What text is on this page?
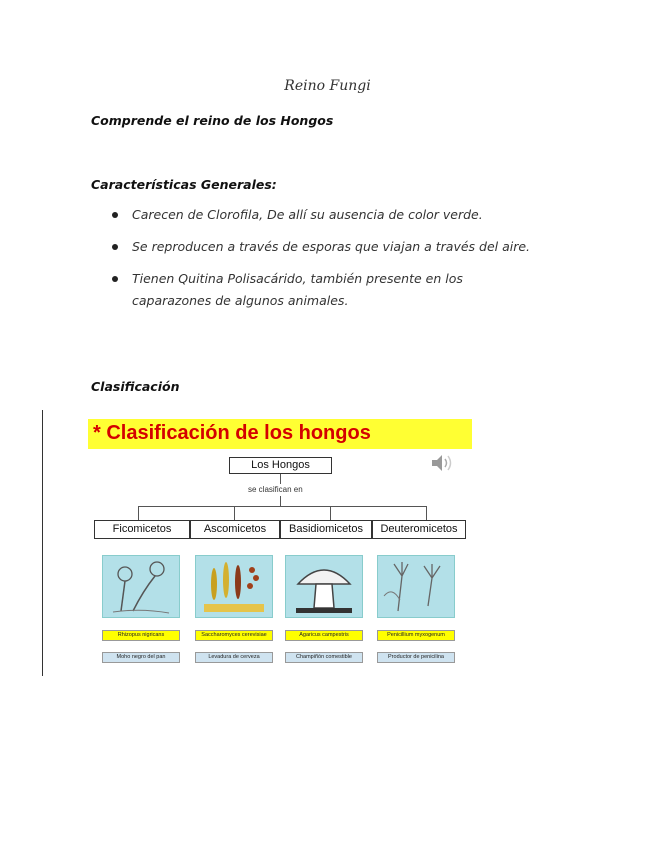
Reino Fungi
Comprende el reino de los Hongos
Características Generales:
Carecen de Clorofila, De allí su ausencia de color verde.
Se reproducen a través de esporas que viajan a través del aire.
Tienen Quitina Polisacárido, también presente en los caparazones de algunos animales.
Clasificación
* Clasificación de los hongos
Los Hongos
se clasifican en
Ficomicetos	Ascomicetos	Basidiomicetos	Deuteromicetos
Rhizopus nigricans	Saccharomyces cerevisiae	Agaricus campestris	Penicillium myxogenum
Moho negro del pan	Levadura de cerveza	Champiñón comestible	Productor de penicilina
